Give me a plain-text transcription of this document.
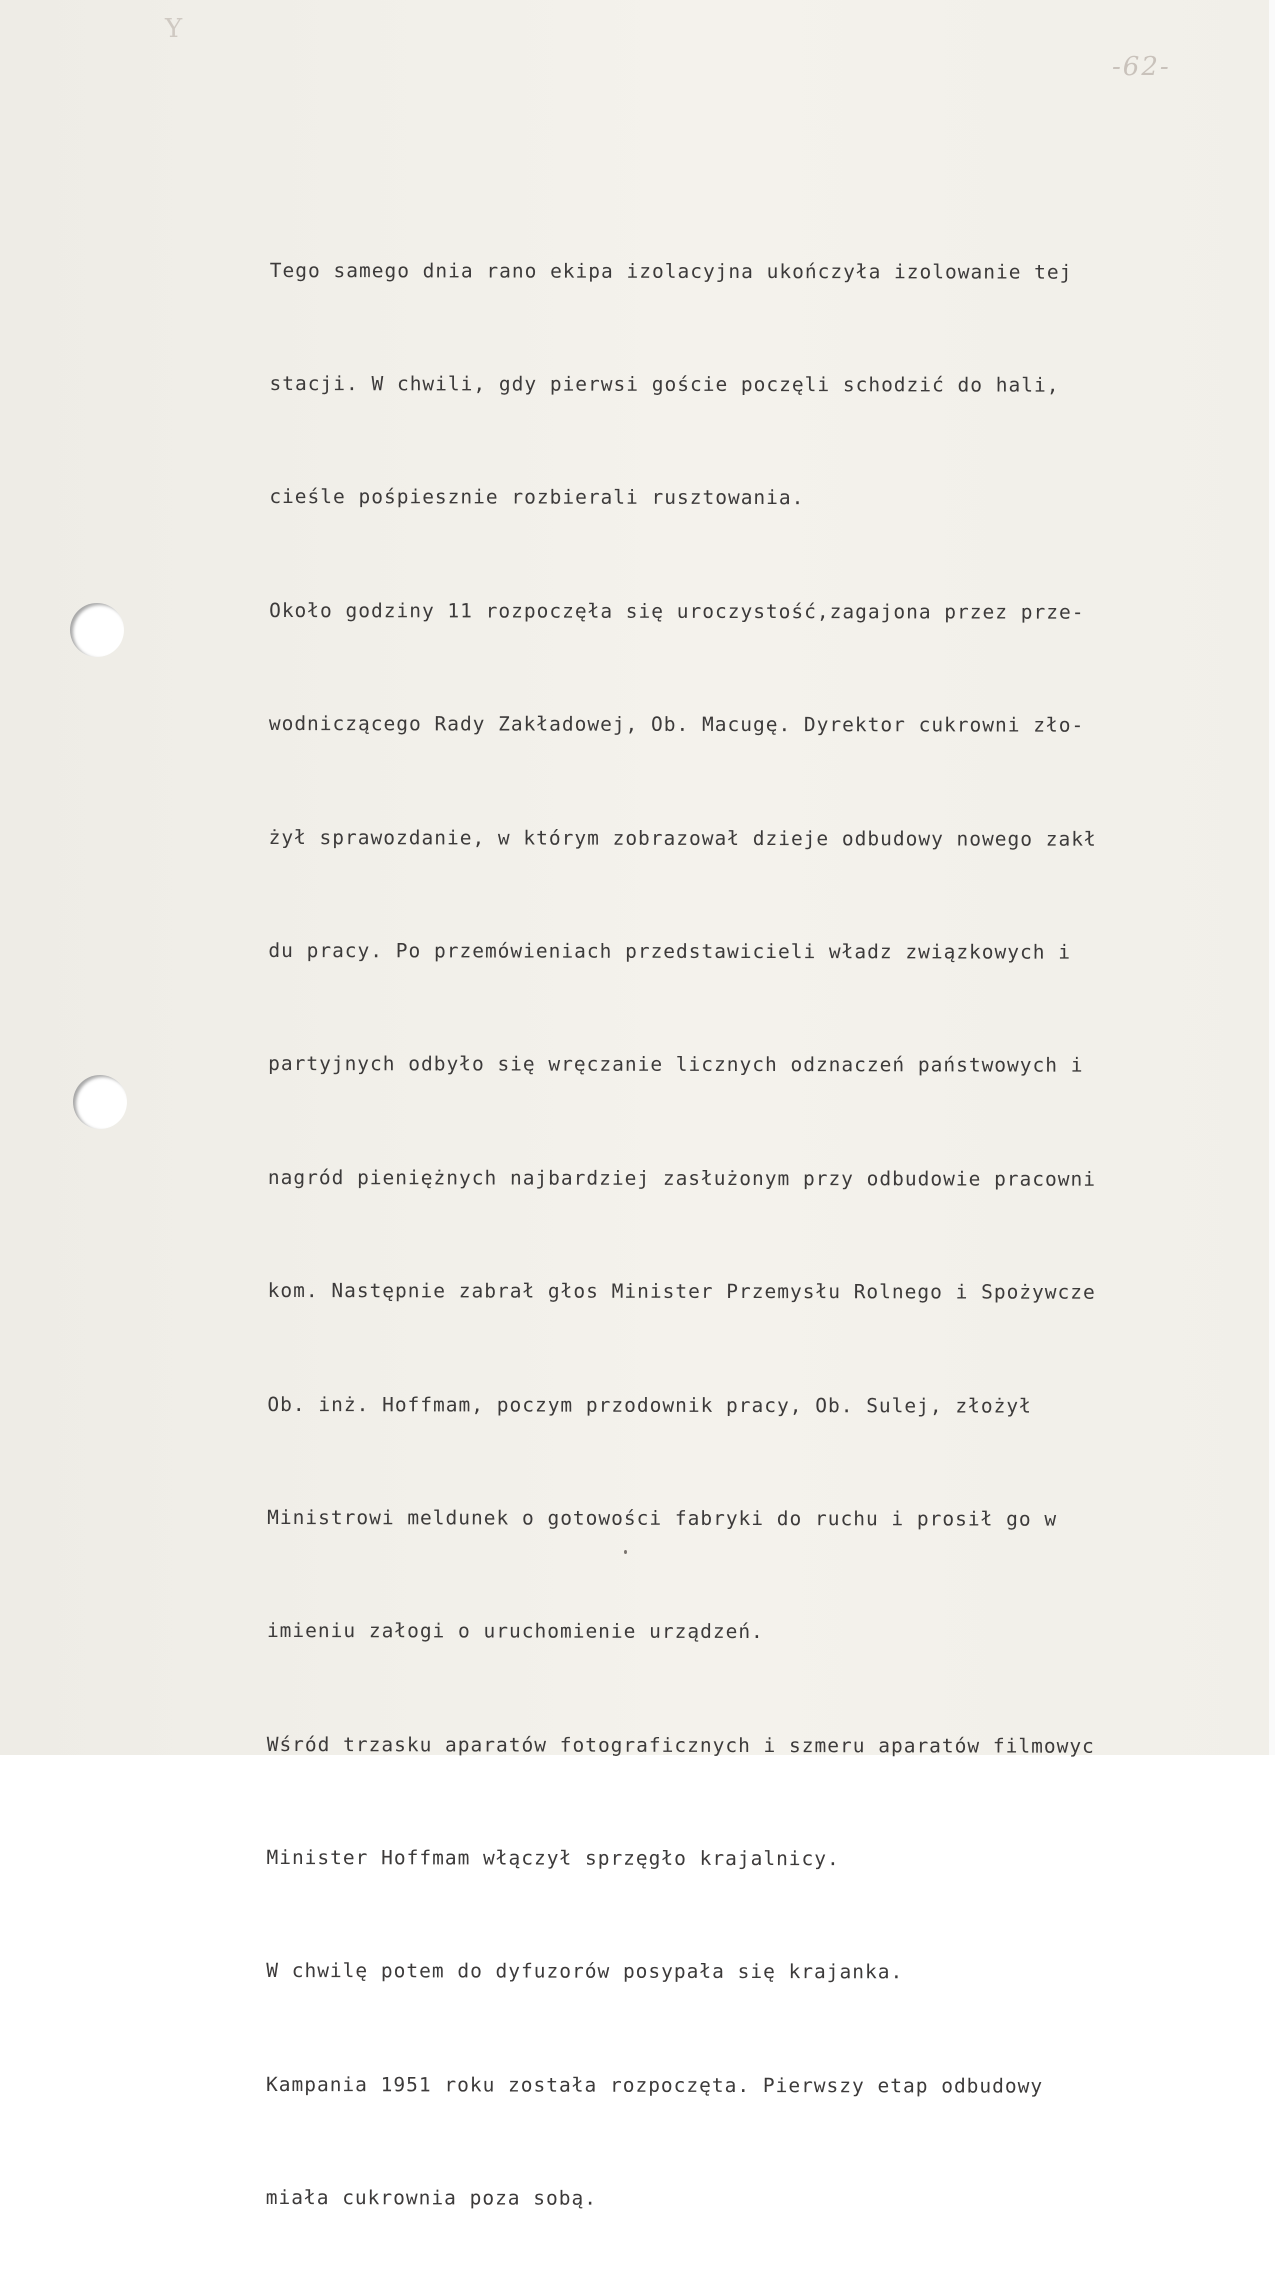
Y
-62-

Tego samego dnia rano ekipa izolacyjna ukończyła izolowanie tej

stacji. W chwili, gdy pierwsi goście poczęli schodzić do hali,

cieśle pośpiesznie rozbierali rusztowania.

Około godziny 11 rozpoczęła się uroczystość,zagajona przez prze-

wodniczącego Rady Zakładowej, Ob. Macugę. Dyrektor cukrowni zło-

żył sprawozdanie, w którym zobrazował dzieje odbudowy nowego zakł

du pracy. Po przemówieniach przedstawicieli władz związkowych i

partyjnych odbyło się wręczanie licznych odznaczeń państwowych i

nagród pieniężnych najbardziej zasłużonym przy odbudowie pracowni

kom. Następnie zabrał głos Minister Przemysłu Rolnego i Spożywcze

Ob. inż. Hoffmam, poczym przodownik pracy, Ob. Sulej, złożył

Ministrowi meldunek o gotowości fabryki do ruchu i prosił go w

imieniu załogi o uruchomienie urządzeń.

Wśród trzasku aparatów fotograficznych i szmeru aparatów filmowyc

Minister Hoffmam włączył sprzęgło krajalnicy.

W chwilę potem do dyfuzorów posypała się krajanka.

Kampania 1951 roku została rozpoczęta. Pierwszy etap odbudowy

miała cukrownia poza sobą.
